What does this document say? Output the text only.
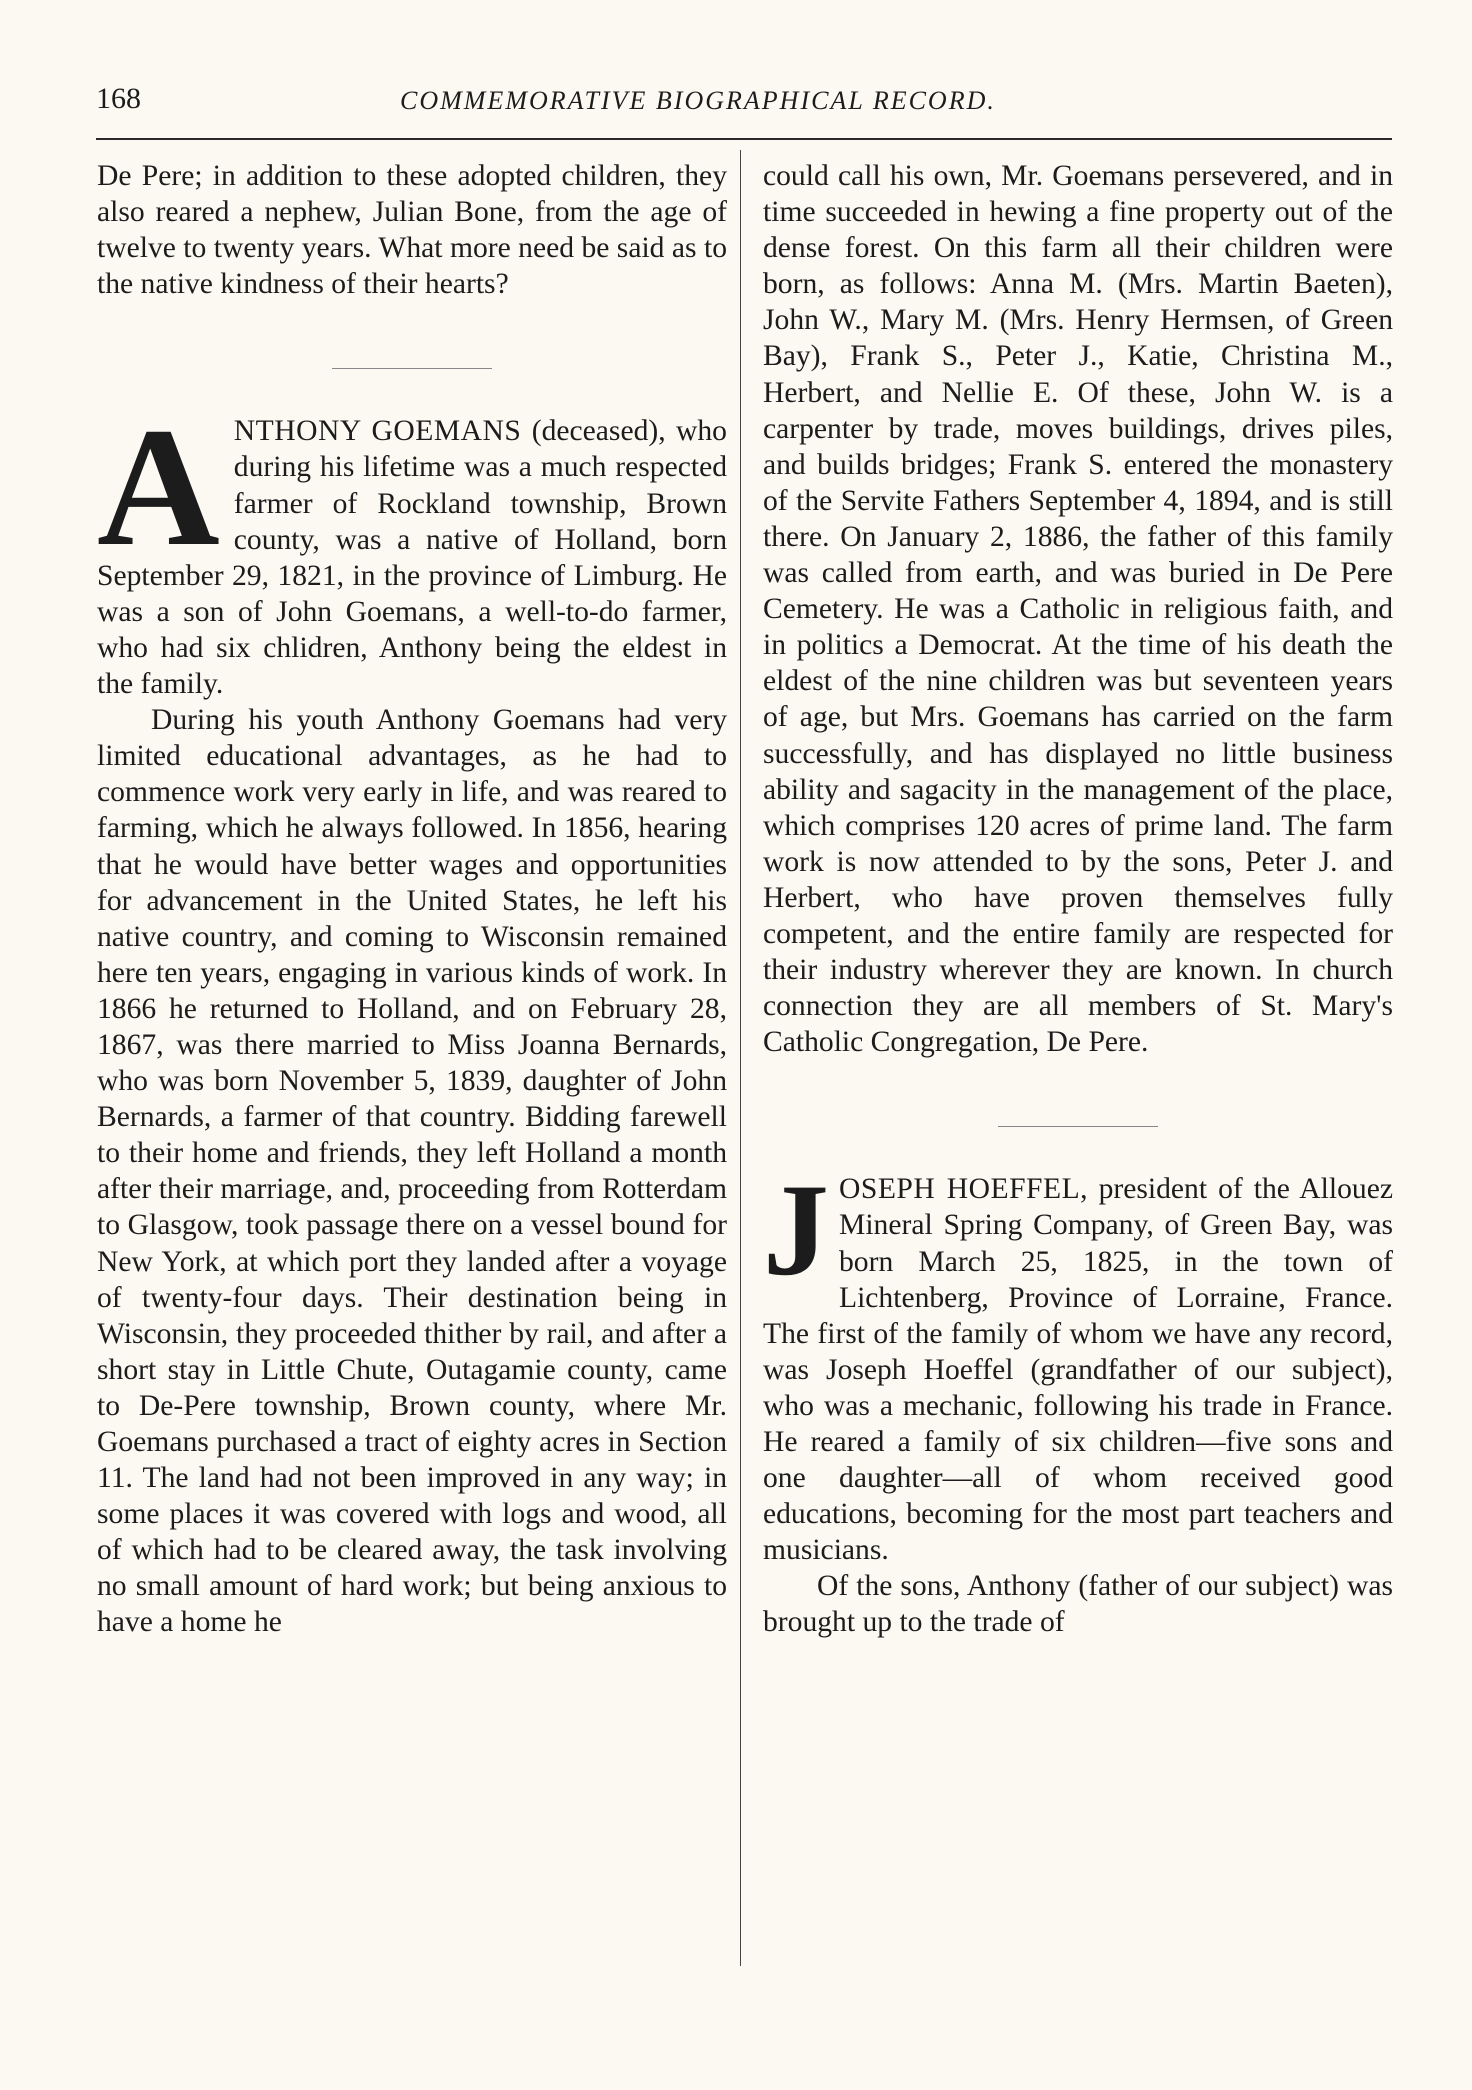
168	COMMEMORATIVE BIOGRAPHICAL RECORD.

De Pere; in addition to these adopted children, they also reared a nephew, Julian Bone, from the age of twelve to twenty years. What more need be said as to the native kindness of their hearts?

ANTHONY GOEMANS (deceased), who during his lifetime was a much respected farmer of Rockland township, Brown county, was a native of Holland, born September 29, 1821, in the province of Limburg. He was a son of John Goemans, a well-to-do farmer, who had six chlidren, Anthony being the eldest in the family.

During his youth Anthony Goemans had very limited educational advantages, as he had to commence work very early in life, and was reared to farming, which he always followed. In 1856, hearing that he would have better wages and opportunities for advancement in the United States, he left his native country, and coming to Wisconsin remained here ten years, engaging in various kinds of work. In 1866 he returned to Holland, and on February 28, 1867, was there married to Miss Joanna Bernards, who was born November 5, 1839, daughter of John Bernards, a farmer of that country. Bidding farewell to their home and friends, they left Holland a month after their marriage, and, proceeding from Rotterdam to Glasgow, took passage there on a vessel bound for New York, at which port they landed after a voyage of twenty-four days. Their destination being in Wisconsin, they proceeded thither by rail, and after a short stay in Little Chute, Outagamie county, came to De-Pere township, Brown county, where Mr. Goemans purchased a tract of eighty acres in Section 11. The land had not been improved in any way; in some places it was covered with logs and wood, all of which had to be cleared away, the task involving no small amount of hard work; but being anxious to have a home he

could call his own, Mr. Goemans persevered, and in time succeeded in hewing a fine property out of the dense forest. On this farm all their children were born, as follows: Anna M. (Mrs. Martin Baeten), John W., Mary M. (Mrs. Henry Hermsen, of Green Bay), Frank S., Peter J., Katie, Christina M., Herbert, and Nellie E. Of these, John W. is a carpenter by trade, moves buildings, drives piles, and builds bridges; Frank S. entered the monastery of the Servite Fathers September 4, 1894, and is still there. On January 2, 1886, the father of this family was called from earth, and was buried in De Pere Cemetery. He was a Catholic in religious faith, and in politics a Democrat. At the time of his death the eldest of the nine children was but seventeen years of age, but Mrs. Goemans has carried on the farm successfully, and has displayed no little business ability and sagacity in the management of the place, which comprises 120 acres of prime land. The farm work is now attended to by the sons, Peter J. and Herbert, who have proven themselves fully competent, and the entire family are respected for their industry wherever they are known. In church connection they are all members of St. Mary's Catholic Congregation, De Pere.

JOSEPH HOEFFEL, president of the Allouez Mineral Spring Company, of Green Bay, was born March 25, 1825, in the town of Lichtenberg, Province of Lorraine, France. The first of the family of whom we have any record, was Joseph Hoeffel (grandfather of our subject), who was a mechanic, following his trade in France. He reared a family of six children—five sons and one daughter—all of whom received good educations, becoming for the most part teachers and musicians.

Of the sons, Anthony (father of our subject) was brought up to the trade of
